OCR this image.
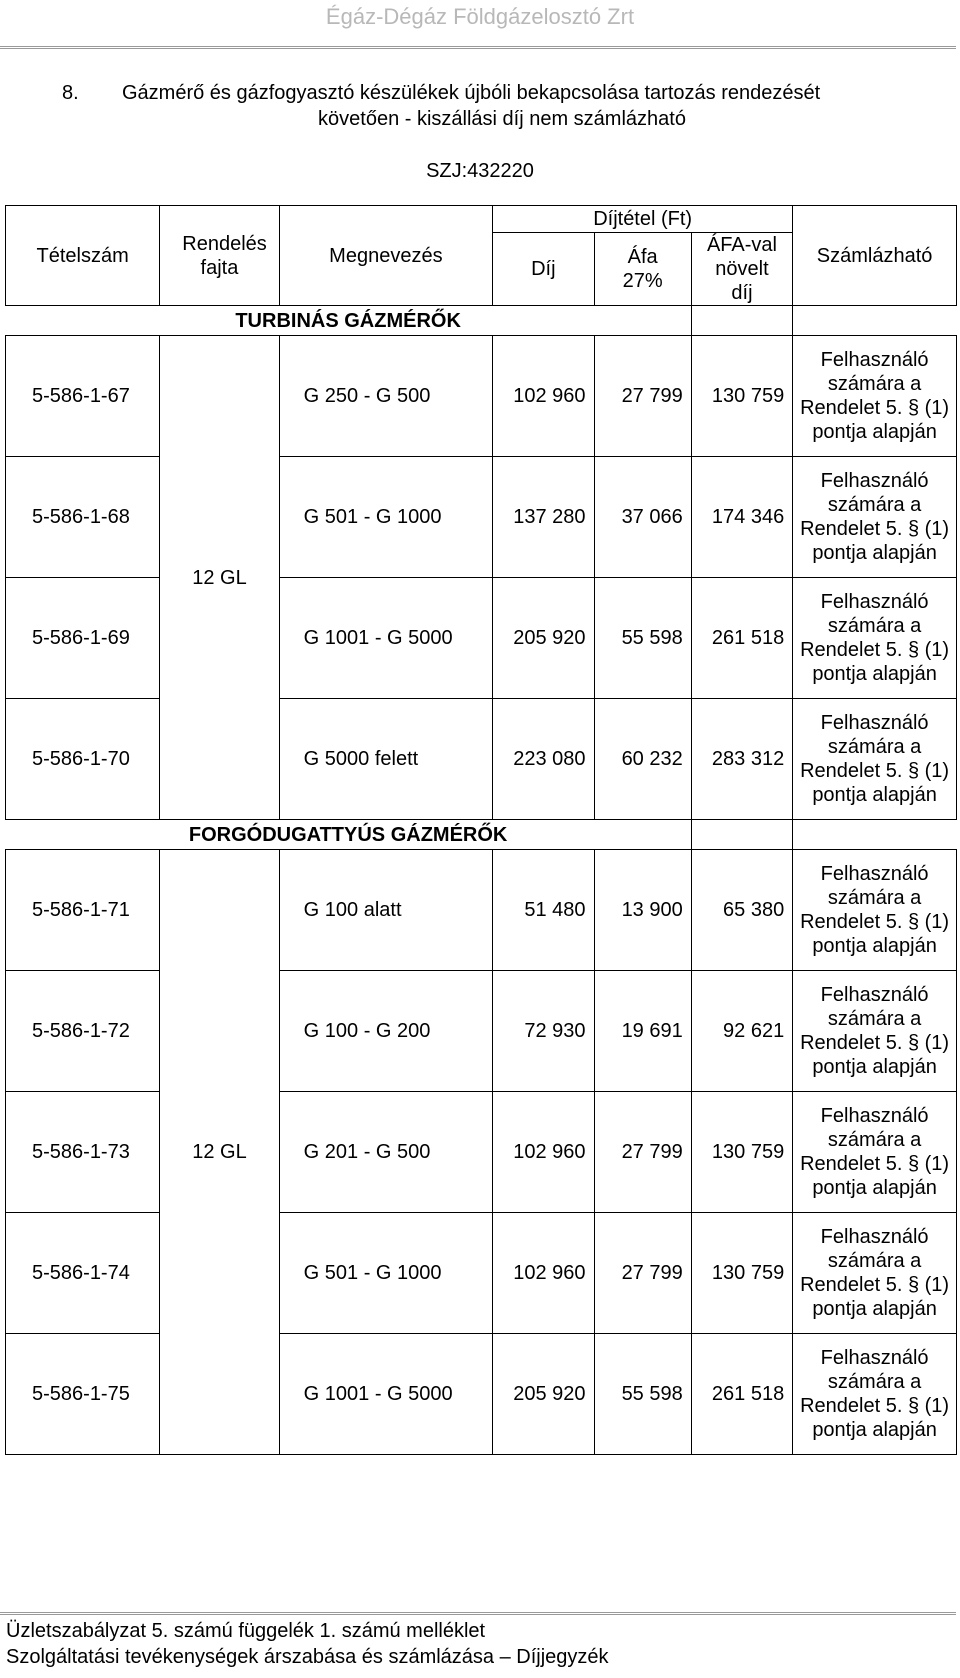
Égáz-Dégáz Földgázelosztó Zrt
8. Gázmérő és gázfogyasztó készülékek újbóli bekapcsolása tartozás rendezését
követően - kiszállási díj nem számlázható
SZJ:432220
Tételszám	Rendelés fajta	Megnevezés	Díjtétel (Ft)			Számlázható
			Díj	Áfa 27%	ÁFA-val növelt díj	
TURBINÁS GÁZMÉRŐK						
5-586-1-67	12 GL	G 250 - G 500	102 960	27 799	130 759	Felhasználó számára a Rendelet 5. § (1) pontja alapján
5-586-1-68		G 501 - G 1000	137 280	37 066	174 346	Felhasználó számára a Rendelet 5. § (1) pontja alapján
5-586-1-69		G 1001 - G 5000	205 920	55 598	261 518	Felhasználó számára a Rendelet 5. § (1) pontja alapján
5-586-1-70		G 5000 felett	223 080	60 232	283 312	Felhasználó számára a Rendelet 5. § (1) pontja alapján
FORGÓDUGATTYÚS GÁZMÉRŐK						
5-586-1-71	12 GL	G 100 alatt	51 480	13 900	65 380	Felhasználó számára a Rendelet 5. § (1) pontja alapján
5-586-1-72		G 100 - G 200	72 930	19 691	92 621	Felhasználó számára a Rendelet 5. § (1) pontja alapján
5-586-1-73		G 201 - G 500	102 960	27 799	130 759	Felhasználó számára a Rendelet 5. § (1) pontja alapján
5-586-1-74		G 501 - G 1000	102 960	27 799	130 759	Felhasználó számára a Rendelet 5. § (1) pontja alapján
5-586-1-75		G 1001 - G 5000	205 920	55 598	261 518	Felhasználó számára a Rendelet 5. § (1) pontja alapján
Üzletszabályzat 5. számú függelék 1. számú melléklet
Szolgáltatási tevékenységek árszabása és számlázása – Díjjegyzék
